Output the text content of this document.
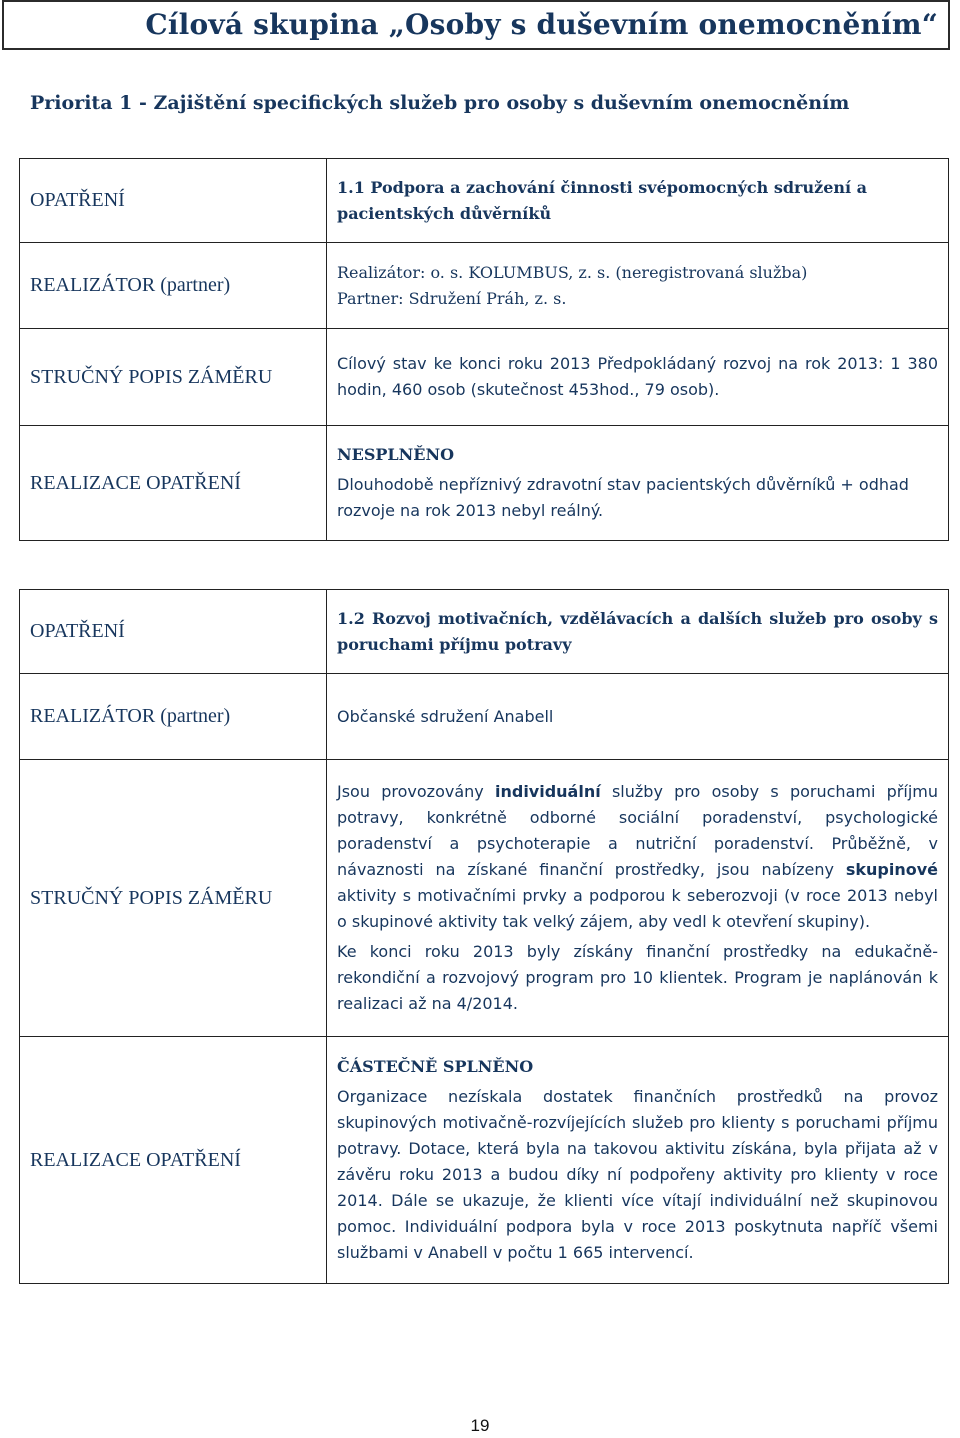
Cílová skupina „Osoby s duševním onemocněním“
Priorita 1 - Zajištění specifických služeb pro osoby s duševním onemocněním
OPATŘENÍ	1.1 Podpora a zachování činnosti svépomocných sdružení a pacientských důvěrníků
REALIZÁTOR (partner)	Realizátor: o. s. KOLUMBUS, z. s. (neregistrovaná služba)

Partner: Sdružení Práh, z. s.

STRUČNÝ POPIS ZÁMĚRU	Cílový stav ke konci roku 2013 Předpokládaný rozvoj na rok 2013: 1 380 hodin, 460 osob (skutečnost 453hod., 79 osob).
REALIZACE OPATŘENÍ	NESPLNĚNO

Dlouhodobě nepříznivý zdravotní stav pacientských důvěrníků + odhad rozvoje na rok 2013 nebyl reálný.

OPATŘENÍ	1.2 Rozvoj motivačních, vzdělávacích a dalších služeb pro osoby s poruchami příjmu potravy
REALIZÁTOR (partner)	Občanské sdružení Anabell
STRUČNÝ POPIS ZÁMĚRU	Jsou provozovány individuální služby pro osoby s poruchami příjmu potravy, konkrétně odborné sociální poradenství, psychologické poradenství a psychoterapie a nutriční poradenství. Průběžně, v návaznosti na získané finanční prostředky, jsou nabízeny skupinové aktivity s motivačními prvky a podporou k seberozvoji (v roce 2013 nebyl o skupinové aktivity tak velký zájem, aby vedl k otevření skupiny).

Ke konci roku 2013 byly získány finanční prostředky na edukačně-rekondiční a rozvojový program pro 10 klientek. Program je naplánován k realizaci až na 4/2014.

REALIZACE OPATŘENÍ	ČÁSTEČNĚ SPLNĚNO

Organizace nezískala dostatek finančních prostředků na provoz skupinových motivačně-rozvíjejících služeb pro klienty s poruchami příjmu potravy. Dotace, která byla na takovou aktivitu získána, byla přijata až v závěru roku 2013 a budou díky ní podpořeny aktivity pro klienty v roce 2014. Dále se ukazuje, že klienti více vítají individuální než skupinovou pomoc. Individuální podpora byla v roce 2013 poskytnuta napříč všemi službami v Anabell v počtu 1 665 intervencí.

19
